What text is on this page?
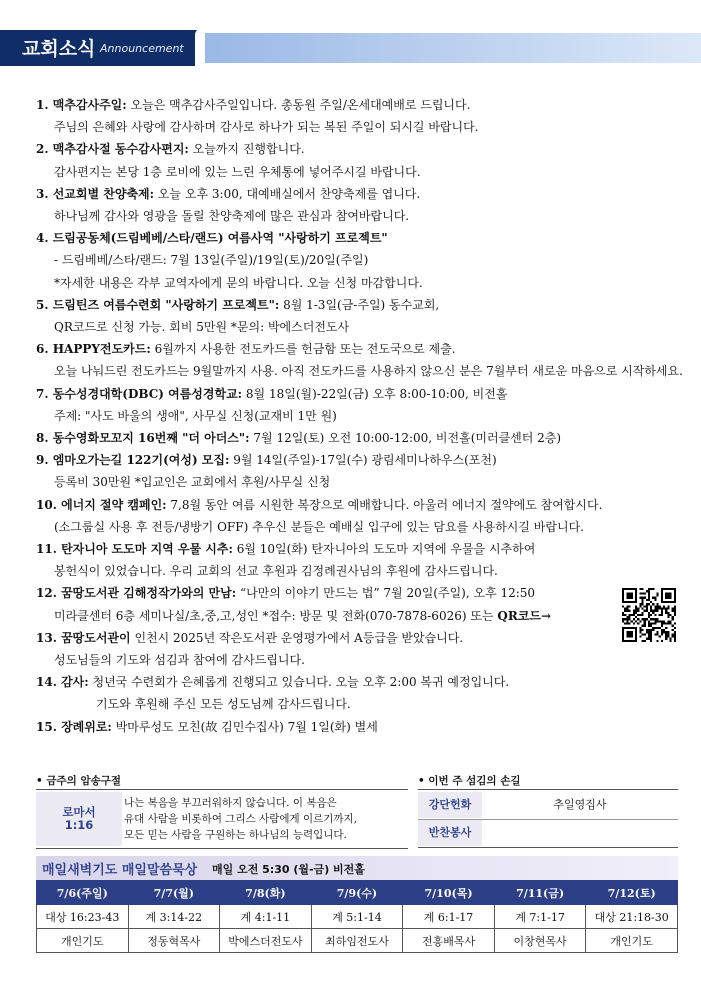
교회소식 Announcement
1. 맥추감사주일: 오늘은 맥추감사주일입니다. 총동원 주일/온세대예배로 드립니다.
주님의 은혜와 사랑에 감사하며 감사로 하나가 되는 복된 주일이 되시길 바랍니다.
2. 맥추감사절 동수감사편지: 오늘까지 진행합니다.
감사편지는 본당 1층 로비에 있는 느린 우체통에 넣어주시길 바랍니다.
3. 선교회별 찬양축제: 오늘 오후 3:00, 대예배실에서 찬양축제를 엽니다.
하나님께 감사와 영광을 돌릴 찬양축제에 많은 관심과 참여바랍니다.
4. 드림공동체(드림베베/스타/랜드) 여름사역 "사랑하기 프로젝트"
- 드림베베/스타/랜드: 7월 13일(주일)/19일(토)/20일(주일)
*자세한 내용은 각부 교역자에게 문의 바랍니다. 오늘 신청 마감합니다.
5. 드림틴즈 여름수련회 "사랑하기 프로젝트": 8월 1-3일(금-주일) 동수교회,
QR코드로 신청 가능. 회비 5만원 *문의: 박에스더전도사
6. HAPPY전도카드: 6월까지 사용한 전도카드를 헌금함 또는 전도국으로 제출.
오늘 나눠드린 전도카드는 9월말까지 사용. 아직 전도카드를 사용하지 않으신 분은 7월부터 새로운 마음으로 시작하세요.
7. 동수성경대학(DBC) 여름성경학교: 8월 18일(월)-22일(금) 오후 8:00-10:00, 비전홀
주제: "사도 바울의 생애", 사무실 신청(교재비 1만 원)
8. 동수영화모꼬지 16번째 "더 아더스": 7월 12일(토) 오전 10:00-12:00, 비전홀(미러클센터 2층)
9. 엠마오가는길 122기(여성) 모집: 9월 14일(주일)-17일(수) 광림세미나하우스(포천)
등록비 30만원 *입교인은 교회에서 후원/사무실 신청
10. 에너지 절약 캠페인: 7,8월 동안 여름 시원한 복장으로 예배합니다. 아울러 에너지 절약에도 참여합시다.
(소그룹실 사용 후 전등/냉방기 OFF) 추우신 분들은 예배실 입구에 있는 담요를 사용하시길 바랍니다.
11. 탄자니아 도도마 지역 우물 시추: 6월 10일(화) 탄자니아의 도도마 지역에 우물을 시추하여
봉헌식이 있었습니다. 우리 교회의 선교 후원과 김정례권사님의 후원에 감사드립니다.
12. 꿈땅도서관 김해정작가와의 만남: “나만의 이야기 만드는 법” 7월 20일(주일), 오후 12:50
미라클센터 6층 세미나실/초,중,고,성인 *접수: 방문 및 전화(070-7878-6026) 또는 QR코드→
13. 꿈땅도서관이 인천시 2025년 작은도서관 운영평가에서 A등급을 받았습니다.
성도님들의 기도와 섬김과 참여에 감사드립니다.
14. 감사: 청년국 수련회가 은혜롭게 진행되고 있습니다. 오늘 오후 2:00 복귀 예정입니다.
기도와 후원해 주신 모든 성도님께 감사드립니다.
15. 장례위로: 박마루성도 모친(故 김민수집사) 7월 1일(화) 별세
• 금주의 암송구절
로마서
1:16
나는 복음을 부끄러워하지 않습니다. 이 복음은
유대 사람을 비롯하여 그리스 사람에게 이르기까지,
모든 믿는 사람을 구원하는 하나님의 능력입니다.
• 이번 주 섬김의 손길
강단헌화	추일영집사
반찬봉사
매일새벽기도 매일말씀묵상 매일 오전 5:30 (월-금) 비전홀
7/6(주일)	7/7(월)	7/8(화)	7/9(수)	7/10(목)	7/11(금)	7/12(토)
대상 16:23-43	계 3:14-22	계 4:1-11	계 5:1-14	계 6:1-17	계 7:1-17	대상 21:18-30
개인기도	정동혁목사	박에스더전도사	최하임전도사	전홍배목사	이창현목사	개인기도
